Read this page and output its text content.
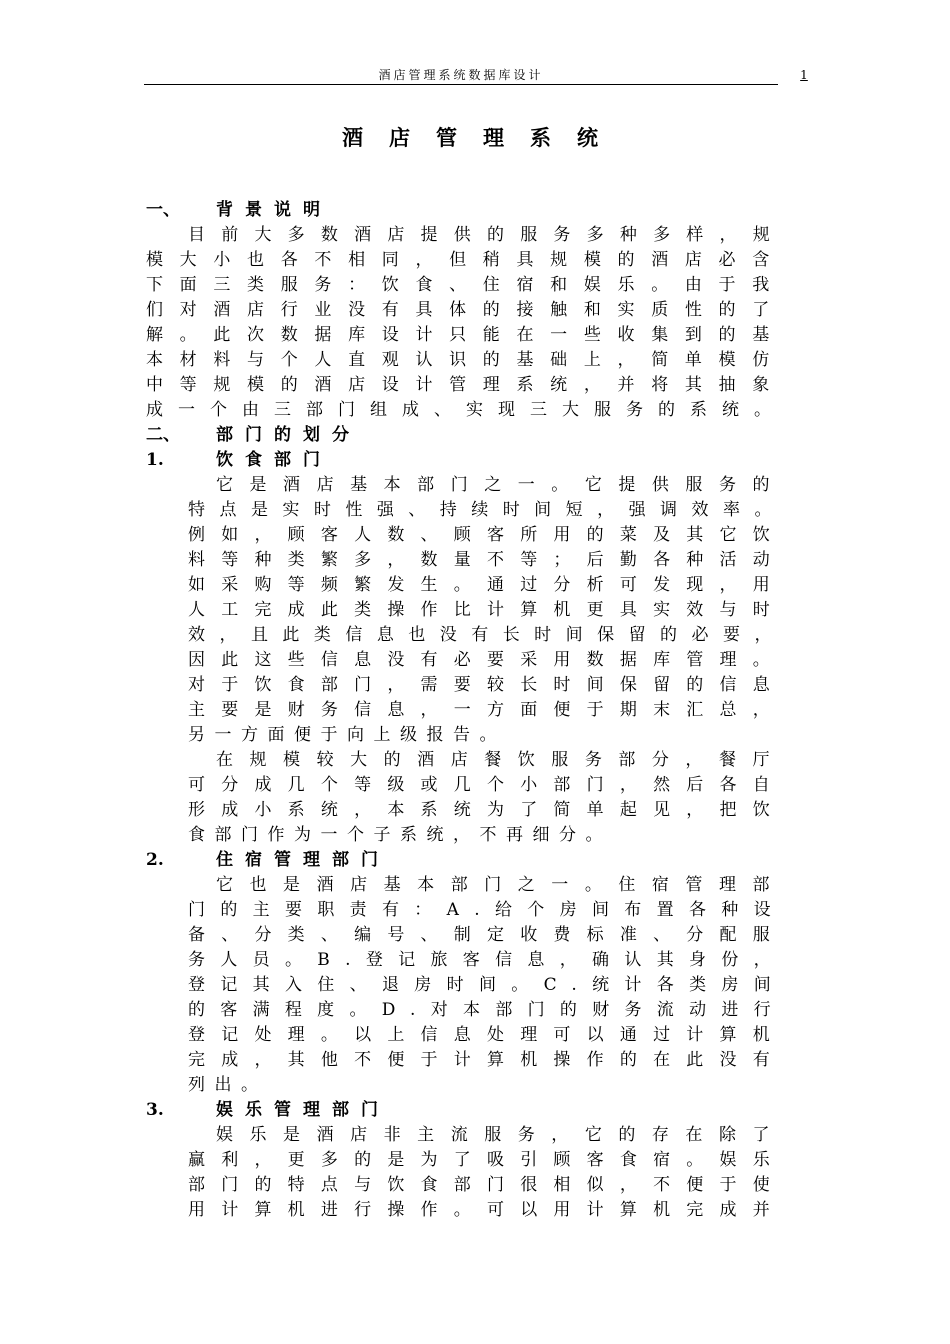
酒店管理系统数据库设计	1
酒店管理系统
一、 背景说明
目前大多数酒店提供的服务多种多样，规
模大小也各不相同，但稍具规模的酒店必含
下面三类服务：饮食、住宿和娱乐。由于我
们对酒店行业没有具体的接触和实质性的了
解。此次数据库设计只能在一些收集到的基
本材料与个人直观认识的基础上，简单模仿
中等规模的酒店设计管理系统，并将其抽象
成一个由三部门组成、实现三大服务的系统。
二、 部门的划分
1.	饮食部门
它是酒店基本部门之一。它提供服务的
特点是实时性强、持续时间短，强调效率。
例如，顾客人数、顾客所用的菜及其它饮
料等种类繁多，数量不等；后勤各种活动
如采购等频繁发生。通过分析可发现，用
人工完成此类操作比计算机更具实效与时
效，且此类信息也没有长时间保留的必要，
因此这些信息没有必要采用数据库管理。
对于饮食部门，需要较长时间保留的信息
主要是财务信息，一方面便于期末汇总，
另一方面便于向上级报告。
在规模较大的酒店餐饮服务部分，餐厅
可分成几个等级或几个小部门，然后各自
形成小系统，本系统为了简单起见，把饮
食部门作为一个子系统，不再细分。
2.	住宿管理部门
它也是酒店基本部门之一。住宿管理部
门的主要职责有：A.给个房间布置各种设
备、分类、编号、制定收费标准、分配服
务人员。B.登记旅客信息，确认其身份，
登记其入住、退房时间。C.统计各类房间
的客满程度。D.对本部门的财务流动进行
登记处理。以上信息处理可以通过计算机
完成，其他不便于计算机操作的在此没有
列出。
3.	娱乐管理部门
娱乐是酒店非主流服务，它的存在除了
赢利，更多的是为了吸引顾客食宿。娱乐
部门的特点与饮食部门很相似，不便于使
用计算机进行操作。可以用计算机完成并
